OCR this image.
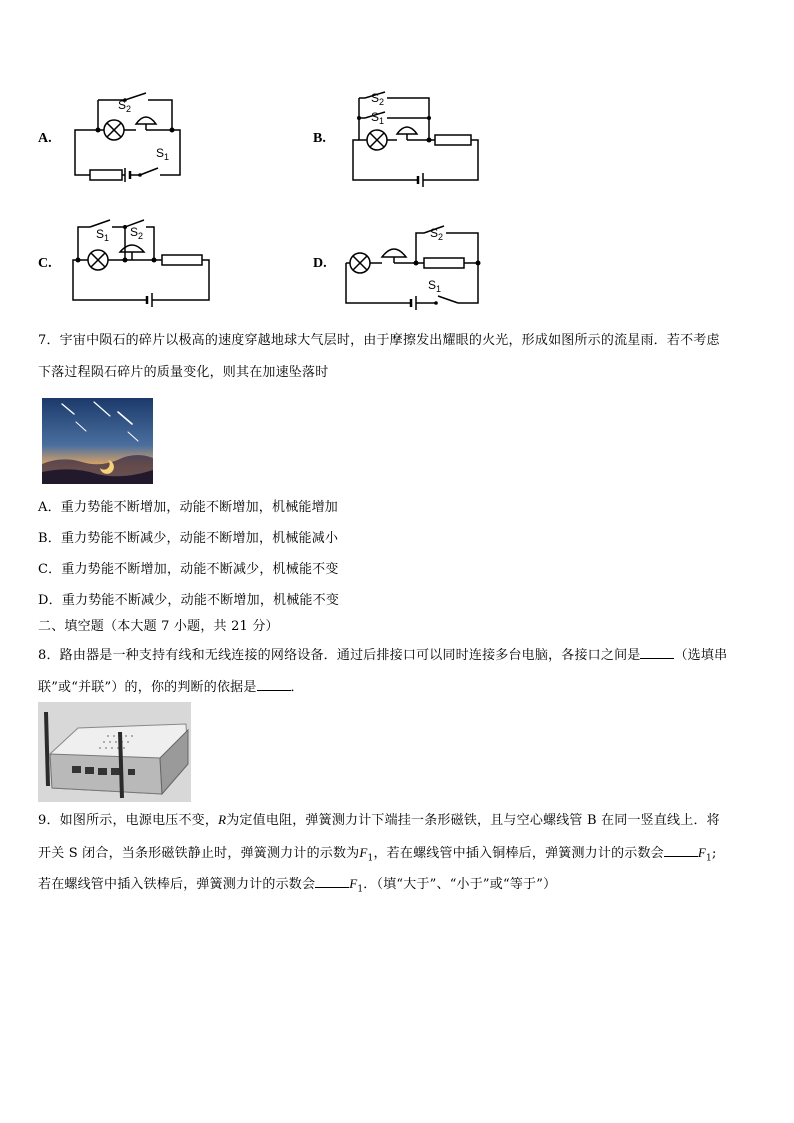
A.
$S_2$
$S_1$
B.
$S_2$
$S_1$
C.
$S_1$ $S_2$
D.
$S_2$
$S_1$
7．宇宙中陨石的碎片以极高的速度穿越地球大气层时，由于摩擦发出耀眼的火光，形成如图所示的流星雨．若不考虑
下落过程陨石碎片的质量变化，则其在加速坠落时
A．重力势能不断增加，动能不断增加，机械能增加
B．重力势能不断减少，动能不断增加，机械能减小
C．重力势能不断增加，动能不断减少，机械能不变
D．重力势能不断减少，动能不断增加，机械能不变
二、填空题（本大题 7 小题，共 21 分）
8．路由器是一种支持有线和无线连接的网络设备．通过后排接口可以同时连接多台电脑，各接口之间是	（选填串
联”或“并联”）的，你的判断的依据是	．
9．如图所示，电源电压不变，R为定值电阻，弹簧测力计下端挂一条形磁铁，且与空心螺线管 B 在同一竖直线上．将
开关 S 闭合，当条形磁铁静止时，弹簧测力计的示数为$F_1$，若在螺线管中插入铜棒后，弹簧测力计的示数会	$F_1$;
若在螺线管中插入铁棒后，弹簧测力计的示数会	$F_1$．（填“大于”、“小于”或“等于”）
